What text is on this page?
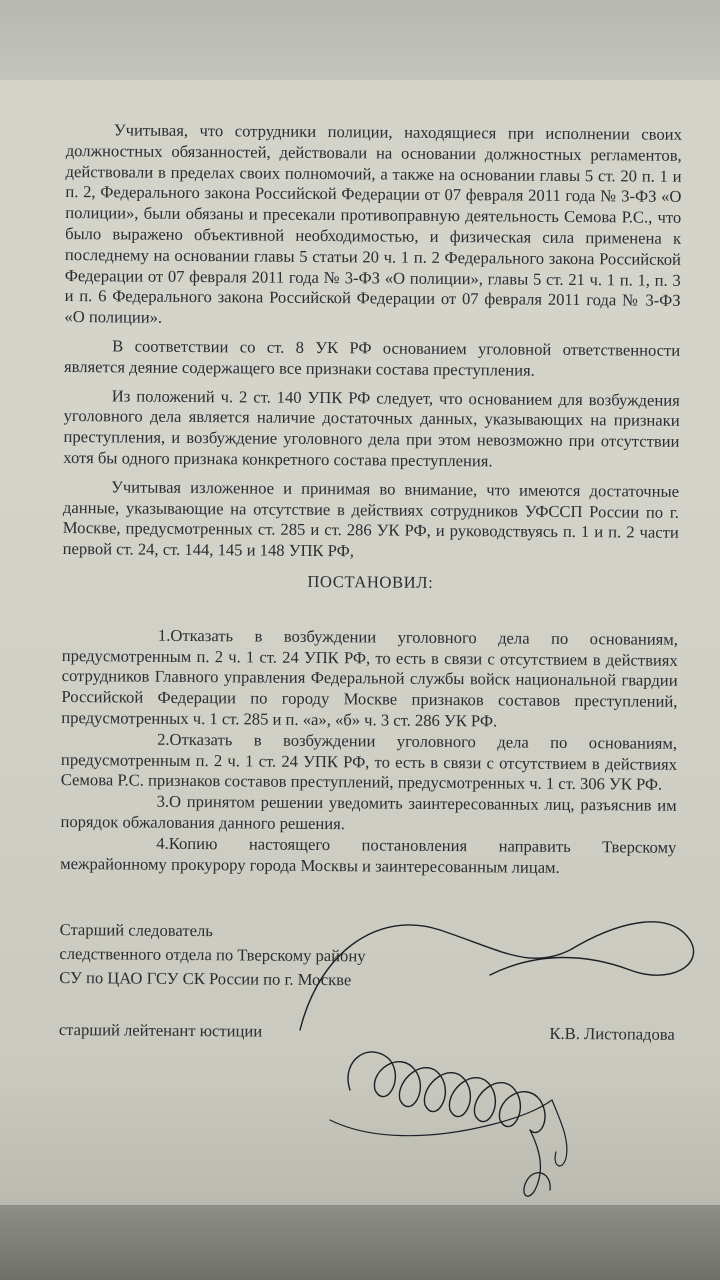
Учитывая, что сотрудники полиции, находящиеся при исполнении своих должностных обязанностей, действовали на основании должностных регламентов, действовали в пределах своих полномочий, а также на основании главы 5 ст. 20 п. 1 и п. 2, Федерального закона Российской Федерации от 07 февраля 2011 года № 3-ФЗ «О полиции», были обязаны и пресекали противоправную деятельность Семова Р.С., что было выражено объективной необходимостью, и физическая сила применена к последнему на основании главы 5 статьи 20 ч. 1 п. 2 Федерального закона Российской Федерации от 07 февраля 2011 года № 3-ФЗ «О полиции», главы 5 ст. 21 ч. 1 п. 1, п. 3 и п. 6 Федерального закона Российской Федерации от 07 февраля 2011 года № 3-ФЗ «О полиции».

В соответствии со ст. 8 УК РФ основанием уголовной ответственности является деяние содержащего все признаки состава преступления.

Из положений ч. 2 ст. 140 УПК РФ следует, что основанием для возбуждения уголовного дела является наличие достаточных данных, указывающих на признаки преступления, и возбуждение уголовного дела при этом невозможно при отсутствии хотя бы одного признака конкретного состава преступления.

Учитывая изложенное и принимая во внимание, что имеются достаточные данные, указывающие на отсутствие в действиях сотрудников УФССП России по г. Москве, предусмотренных ст. 285 и ст. 286 УК РФ, и руководствуясь п. 1 и п. 2 части первой ст. 24, ст. 144, 145 и 148 УПК РФ,

ПОСТАНОВИЛ:

1.Отказать в возбуждении уголовного дела по основаниям, предусмотренным п. 2 ч. 1 ст. 24 УПК РФ, то есть в связи с отсутствием в действиях сотрудников Главного управления Федеральной службы войск национальной гвардии Российской Федерации по городу Москве признаков составов преступлений, предусмотренных ч. 1 ст. 285 и п. «а», «б» ч. 3 ст. 286 УК РФ.

2.Отказать в возбуждении уголовного дела по основаниям, предусмотренным п. 2 ч. 1 ст. 24 УПК РФ, то есть в связи с отсутствием в действиях Семова Р.С. признаков составов преступлений, предусмотренных ч. 1 ст. 306 УК РФ.

3.О принятом решении уведомить заинтересованных лиц, разъяснив им порядок обжалования данного решения.

4.Копию настоящего постановления направить Тверскому межрайонному прокурору города Москвы и заинтересованным лицам.

Старший следователь
следственного отдела по Тверскому району
СУ по ЦАО ГСУ СК России по г. Москве
старший лейтенант юстиции	К.В. Листопадова
